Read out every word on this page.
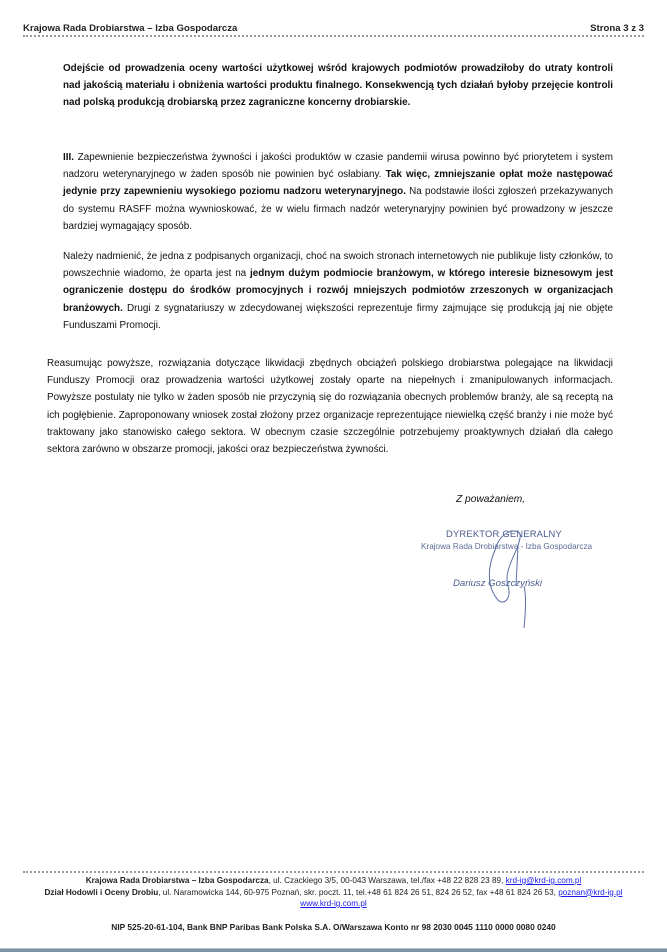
Krajowa Rada Drobiarstwa – Izba Gospodarcza	Strona 3 z 3

Odejście od prowadzenia oceny wartości użytkowej wśród krajowych podmiotów prowadziłoby do utraty kontroli nad jakością materiału i obniżenia wartości produktu finalnego. Konsekwencją tych działań byłoby przejęcie kontroli nad polską produkcją drobiarską przez zagraniczne koncerny drobiarskie.

III. Zapewnienie bezpieczeństwa żywności i jakości produktów w czasie pandemii wirusa powinno być priorytetem i system nadzoru weterynaryjnego w żaden sposób nie powinien być osłabiany. Tak więc, zmniejszanie opłat może następować jedynie przy zapewnieniu wysokiego poziomu nadzoru weterynaryjnego. Na podstawie ilości zgłoszeń przekazywanych do systemu RASFF można wywnioskować, że w wielu firmach nadzór weterynaryjny powinien być prowadzony w jeszcze bardziej wymagający sposób.

Należy nadmienić, że jedna z podpisanych organizacji, choć na swoich stronach internetowych nie publikuje listy członków, to powszechnie wiadomo, że oparta jest na jednym dużym podmiocie branżowym, w którego interesie biznesowym jest ograniczenie dostępu do środków promocyjnych i rozwój mniejszych podmiotów zrzeszonych w organizacjach branżowych. Drugi z sygnatariuszy w zdecydowanej większości reprezentuje firmy zajmujące się produkcją jaj nie objęte Funduszami Promocji.

Reasumując powyższe, rozwiązania dotyczące likwidacji zbędnych obciążeń polskiego drobiarstwa polegające na likwidacji Funduszy Promocji oraz prowadzenia wartości użytkowej zostały oparte na niepełnych i zmanipulowanych informacjach. Powyższe postulaty nie tylko w żaden sposób nie przyczynią się do rozwiązania obecnych problemów branży, ale są receptą na ich pogłębienie. Zaproponowany wniosek został złożony przez organizacje reprezentujące niewielką część branży i nie może być traktowany jako stanowisko całego sektora. W obecnym czasie szczególnie potrzebujemy proaktywnych działań dla całego sektora zarówno w obszarze promocji, jakości oraz bezpieczeństwa żywności.

Z poważaniem,
DYREKTOR GENERALNY
Krajowa Rada Drobiarstwa - Izba Gospodarcza
Dariusz Goszczyński
Krajowa Rada Drobiarstwa – Izba Gospodarcza, ul. Czackiego 3/5, 00-043 Warszawa, tel./fax +48 22 828 23 89, krd-ig@krd-ig.com.pl
Dział Hodowli i Oceny Drobiu, ul. Naramowicka 144, 60-975 Poznań, skr. poczt. 11, tel.+48 61 824 26 51, 824 26 52, fax +48 61 824 26 53, poznan@krd-ig.pl
www.krd-ig.com.pl
NIP 525-20-61-104, Bank BNP Paribas Bank Polska S.A. O/Warszawa Konto nr 98 2030 0045 1110 0000 0080 0240
